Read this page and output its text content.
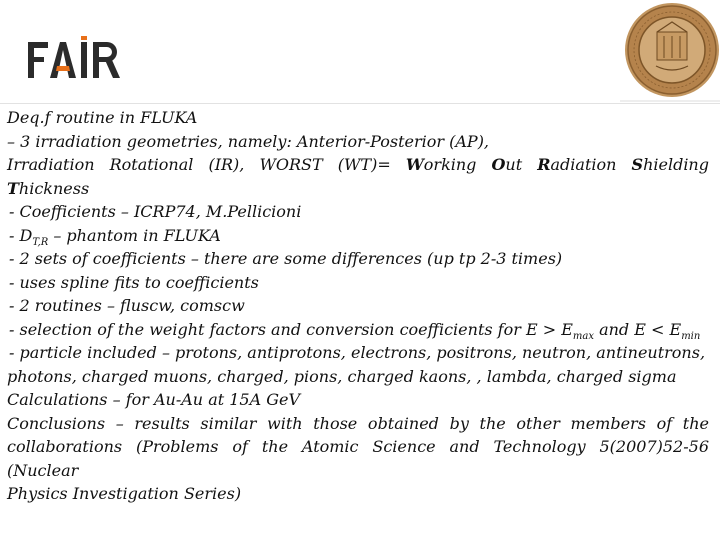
Deq.f routine in FLUKA

– 3 irradiation geometries, namely: Anterior-Posterior (AP),

Irradiation Rotational (IR), WORST (WT)= Working Out Radiation Shielding

Thickness

- Coefficients – ICRP74, M.Pellicioni

- $D_{T,R}$ – phantom in FLUKA

- 2 sets of coefficients – there are some differences (up tp 2-3 times)

- uses spline fits to coefficients

- 2 routines – fluscw, comscw

- selection of the weight factors and conversion coefficients for $E > E_{max}$ and $E < E_{min}$

- particle included – protons, antiprotons, electrons, positrons, neutron, antineutrons,

photons, charged muons, charged, pions, charged kaons, , lambda, charged sigma

Calculations – for Au-Au at 15A GeV

Conclusions – results similar with those obtained by the other members of the

collaborations (Problems of the Atomic Science and Technology 5(2007)52-56 (Nuclear

Physics Investigation Series)
